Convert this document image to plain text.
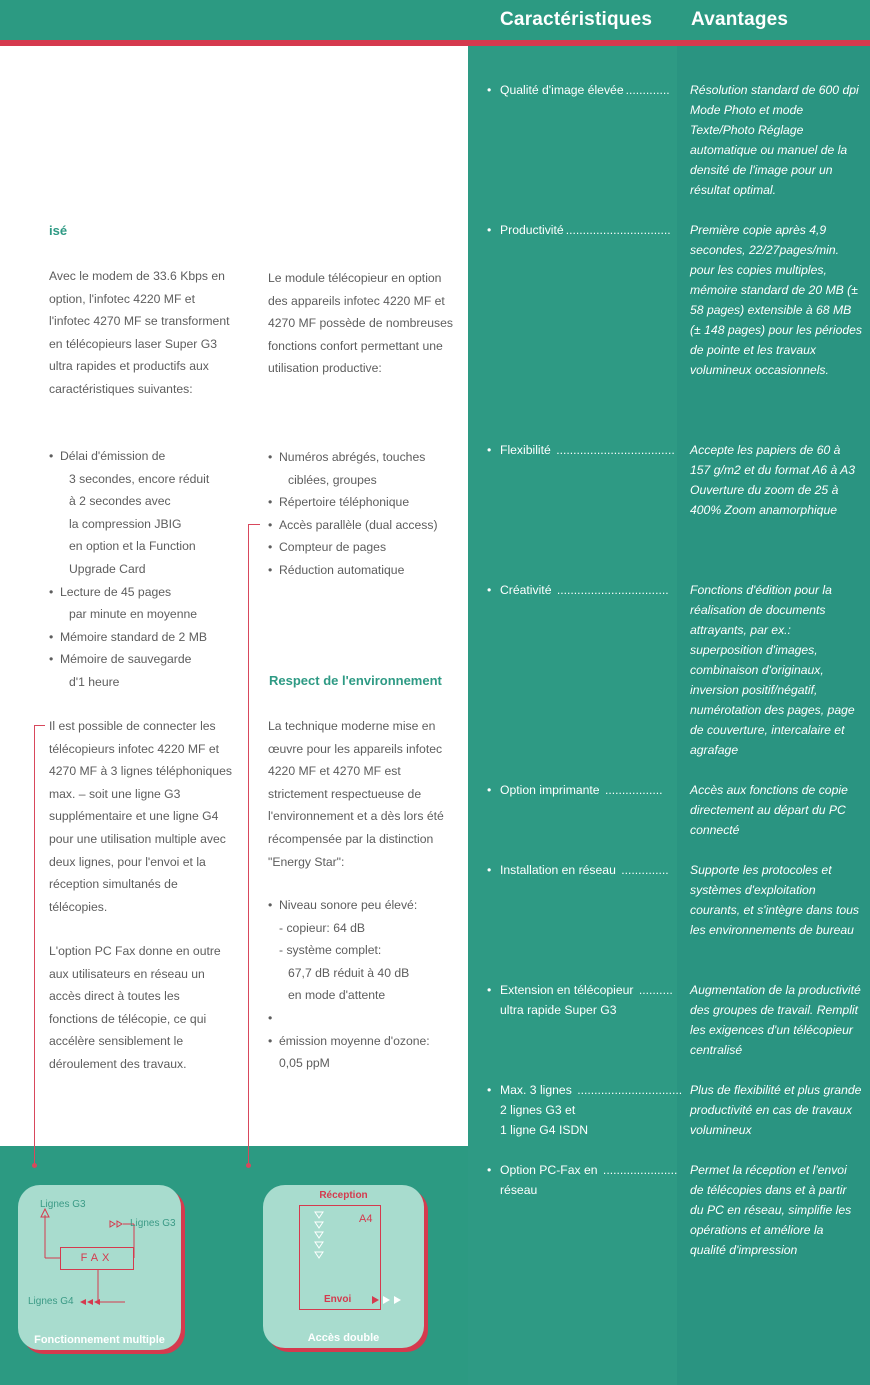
Caractéristiques Avantages
isé
Avec le modem de 33.6 Kbps en option, l'infotec 4220 MF et l'infotec 4270 MF se transforment en télécopieurs laser Super G3 ultra rapides et productifs aux caractéristiques suivantes:
• Délai d'émission de
3 secondes, encore réduit
à 2 secondes avec
la compression JBIG
en option et la Function
Upgrade Card
• Lecture de 45 pages
par minute en moyenne
• Mémoire standard de 2 MB
• Mémoire de sauvegarde
d'1 heure
Il est possible de connecter les télécopieurs infotec 4220 MF et 4270 MF à 3 lignes téléphoniques max. – soit une ligne G3 supplémentaire et une ligne G4 pour une utilisation multiple avec deux lignes, pour l'envoi et la réception simultanés de télécopies.
L'option PC Fax donne en outre aux utilisateurs en réseau un accès direct à toutes les fonctions de télécopie, ce qui accélère sensiblement le déroulement des travaux.
Le module télécopieur en option des appareils infotec 4220 MF et 4270 MF possède de nombreuses fonctions confort permettant une utilisation productive:
• Numéros abrégés, touches
ciblées, groupes
• Répertoire téléphonique
• Accès parallèle (dual access)
• Compteur de pages
• Réduction automatique
Respect de l'environnement
La technique moderne mise en œuvre pour les appareils infotec 4220 MF et 4270 MF est strictement respectueuse de l'environnement et a dès lors été récompensée par la distinction "Energy Star":
• Niveau sonore peu élevé:
- copieur: 64 dB
- système complet:
67,7 dB réduit à 40 dB
en mode d'attente
•
• émission moyenne d'ozone:
0,05 ppM
• Qualité d'image élevée .............	Résolution standard de 600 dpi Mode Photo et mode Texte/Photo Réglage automatique ou manuel de la densité de l'image pour un résultat optimal.
• Productivité ...............................	Première copie après 4,9 secondes, 22/27pages/min. pour les copies multiples, mémoire standard de 20 MB (± 58 pages) extensible à 68 MB (± 148 pages) pour les périodes de pointe et les travaux volumineux occasionnels.
• Flexibilité ...................................	Accepte les papiers de 60 à 157 g/m2 et du format A6 à A3 Ouverture du zoom de 25 à 400% Zoom anamorphique
• Créativité .................................	Fonctions d'édition pour la réalisation de documents attrayants, par ex.: superposition d'images, combinaison d'originaux, inversion positif/négatif, numérotation des pages, page de couverture, intercalaire et agrafage
• Option imprimante .................	Accès aux fonctions de copie directement au départ du PC connecté
• Installation en réseau ..............	Supporte les protocoles et systèmes d'exploitation courants, et s'intègre dans tous les environnements de bureau
• Extension en télécopieur ..........
ultra rapide Super G3
Augmentation de la productivité des groupes de travail. Remplit les exigences d'un télécopieur centralisé
• Max. 3 lignes ...............................
2 lignes G3 et
1 ligne G4 ISDN
Plus de flexibilité et plus grande productivité en cas de travaux volumineux
• Option PC-Fax en ......................
réseau
Permet la réception et l'envoi de télécopies dans et à partir du PC en réseau, simplifie les opérations et améliore la qualité d'impression
Lignes G3
Lignes G3
FAX
Lignes G4
Fonctionnement multiple
Réception
A4
Envoi
Accès double
